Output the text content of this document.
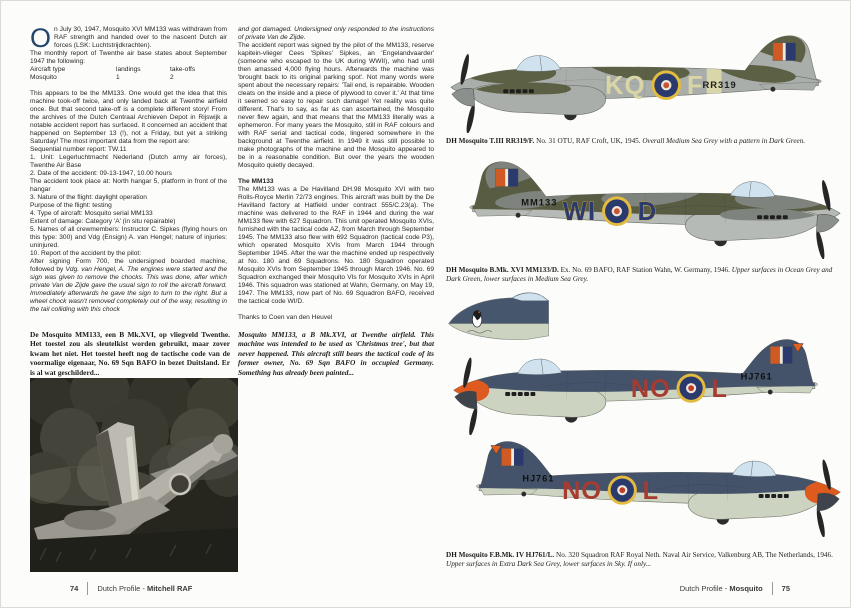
On July 30, 1947, Mosquito XVI MM133 was withdrawn from RAF strength and handed over to the nascent Dutch air forces (LSK: Luchtstrijdkrachten).

The monthly report of Twenthe air base states about September 1947 the following:

Aircraft type	landings	take-offs
Mosquito	1	2

This appears to be the MM133. One would get the idea that this machine took-off twice, and only landed back at Twenthe airfield once. But that second take-off is a complete different story! From the archives of the Dutch Centraal Archieven Depot in Rijswijk a notable accident report has surfaced. It concerned an accident that happened on September 13 (!), not a Friday, but yet a striking Saturday! The most important data from the report are:

Sequential number report: TW.11

1. Unit: Legerluchtmacht Nederland (Dutch army air forces), Twenthe Air Base

2. Date of the accident: 09-13-1947, 10.00 hours

The accident took place at: North hangar 5, platform in front of the hangar

3. Nature of the flight: daylight operation

Purpose of the flight: testing

4. Type of aircraft: Mosquito serial MM133

Extent of damage: Category 'A' (in situ repairable)

5. Names of all crewmembers: Instructor C. Sipkes (flying hours on this type: 300) and Vdg (Ensign) A. van Hengel; nature of injuries: uninjured.

10. Report of the accident by the pilot:

After signing Form 700, the undersigned boarded machine, followed by Vdg. van Hengel, A. The engines were started and the sign was given to remove the chocks. This was done, after which private Van de Zijde gave the usual sign to roll the aircraft forward. Immediately afterwards he gave the sign to turn to the right. But a wheel chock wasn't removed completely out of the way, resulting in the tail colliding with this chock

and got damaged. Undersigned only responded to the instructions of private Van de Zijde.

The accident report was signed by the pilot of the MM133, reserve kapitein-vlieger Cees 'Spikes' Sipkes, an 'Engelandvaarder' (someone who escaped to the UK during WWII), who had until then amassed 4,000 flying hours. Afterwards the machine was 'brought back to its original parking spot'. Not many words were spent about the necessary repairs: 'Tail end, is repairable. Wooden cleats on the inside and a piece of plywood to cover it.' At that time it seemed so easy to repair such damage! Yet reality was quite different. That's to say, as far as can ascertained, the Mosquito never flew again, and that means that the MM133 literally was a ephemeron. For many years the Mosquito, still in RAF colours and with RAF serial and tactical code, lingered somewhere in the background at Twenthe airfield. In 1949 it was still possible to make photographs of the machine and the Mosquito appeared to be in a reasonable condition. But over the years the wooden Mosquito quietly decayed.

The MM133

The MM133 was a De Havilland DH.98 Mosquito XVI with two Rolls-Royce Merlin 72/73 engines. This aircraft was built by the De Havilland factory at Hatfield under contract 555/C.23(a). The machine was delivered to the RAF in 1944 and during the war MM133 flew with 627 Squadron. This unit operated Mosquito XVIs, furnished with the tactical code AZ, from March through September 1945. The MM133 also flew with 692 Squadron (tactical code P3), which operated Mosquito XVIs from March 1944 through September 1945. After the war the machine ended up respectively at No. 180 and 69 Squadrons. No. 180 Squadron operated Mosquito XVIs from September 1945 through March 1946. No. 69 Squadron exchanged their Mosquito VIs for Mosquito XVIs in April 1946. This squadron was stationed at Wahn, Germany, on May 19, 1947. The MM133, now part of No. 69 Squadron BAFO, received the tactical code WI/D.

Thanks to Coen van den Heuvel

De Mosquito MM133, een B Mk.XVI, op vliegveld Twenthe. Het toestel zou als sleutelkist worden gebruikt, maar zover kwam het niet. Het toestel heeft nog de tactische code van de voormalige eigenaar, No. 69 Sqn BAFO in bezet Duitsland. Er is al wat geschilderd...
Mosquito MM133, a B Mk.XVI, at Twenthe airfield. This machine was intended to be used as 'Christmas tree', but that never happened. This aircraft still bears the tactical code of its former owner, No. 69 Sqn BAFO in occupied Germany. Something has already been painted...
74	Dutch Profile - Mitchell RAF
KQ F
RR319
DH Mosquito T.III RR319/F. No. 31 OTU, RAF Croft, UK, 1945. Overall Medium Sea Grey with a pattern in Dark Green.
WI D
MM133
DH Mosquito B.Mk. XVI MM133/D. Ex. No. 69 BAFO, RAF Station Wahn, W. Germany, 1946. Upper surfaces in Ocean Grey and Dark Green, lower surfaces in Medium Sea Grey.
NO L HJ761
NO L
HJ761
DH Mosquito F.B.Mk. IV HJ761/L. No. 320 Squadron RAF Royal Neth. Naval Air Service, Valkenburg AB, The Netherlands, 1946. Upper surfaces in Extra Dark Sea Grey, lower surfaces in Sky. If only...
Dutch Profile - Mosquito	75
